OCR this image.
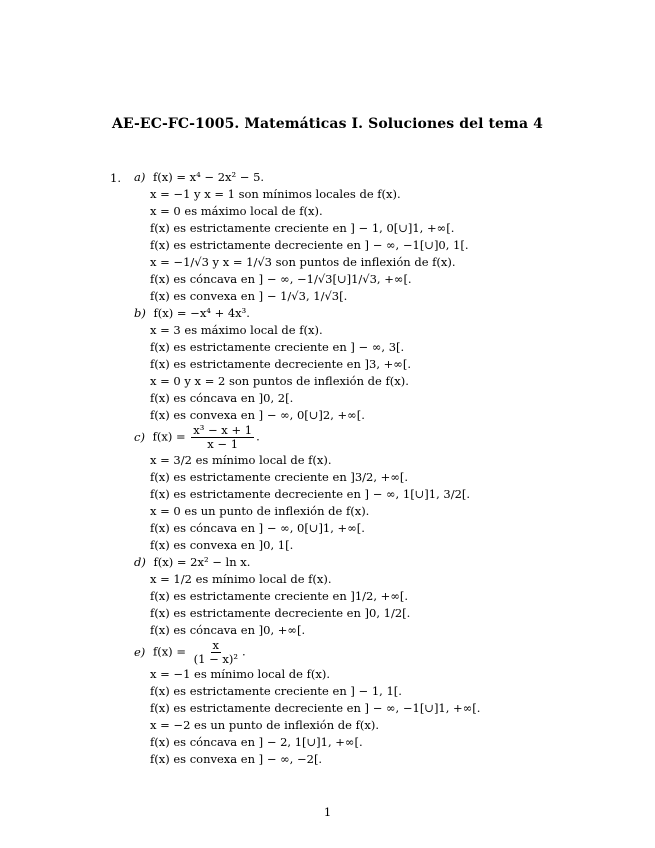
AE-EC-FC-1005. Matemáticas I. Soluciones del tema 4
1. a) f(x) = x⁴ − 2x² − 5.
x = −1 y x = 1 son mínimos locales de f(x).
x = 0 es máximo local de f(x).
f(x) es estrictamente creciente en ] − 1, 0[∪]1, +∞[.
f(x) es estrictamente decreciente en ] − ∞, −1[∪]0, 1[.
x = −1/√3 y x = 1/√3 son puntos de inflexión de f(x).
f(x) es cóncava en ] − ∞, −1/√3[∪]1/√3, +∞[.
f(x) es convexa en ] − 1/√3, 1/√3[.
b) f(x) = −x⁴ + 4x³.
x = 3 es máximo local de f(x).
f(x) es estrictamente creciente en ] − ∞, 3[.
f(x) es estrictamente decreciente en ]3, +∞[.
x = 0 y x = 2 son puntos de inflexión de f(x).
f(x) es cóncava en ]0, 2[.
f(x) es convexa en ] − ∞, 0[∪]2, +∞[.
c) $f(x) = \frac{\text{x³ − x + 1}}{x - 1}$ .
x = 3/2 es mínimo local de f(x).
f(x) es estrictamente creciente en ]3/2, +∞[.
f(x) es estrictamente decreciente en ] − ∞, 1[∪]1, 3/2[.
x = 0 es un punto de inflexión de f(x).
f(x) es cóncava en ] − ∞, 0[∪]1, +∞[.
f(x) es convexa en ]0, 1[.
d) f(x) = 2x² − ln x.
x = 1/2 es mínimo local de f(x).
f(x) es estrictamente creciente en ]1/2, +∞[.
f(x) es estrictamente decreciente en ]0, 1/2[.
f(x) es cóncava en ]0, +∞[.
e) $f(x) = \frac{x}{\text{(1 − x)²}}$ .
x = −1 es mínimo local de f(x).
f(x) es estrictamente creciente en ] − 1, 1[.
f(x) es estrictamente decreciente en ] − ∞, −1[∪]1, +∞[.
x = −2 es un punto de inflexión de f(x).
f(x) es cóncava en ] − 2, 1[∪]1, +∞[.
f(x) es convexa en ] − ∞, −2[.
1
